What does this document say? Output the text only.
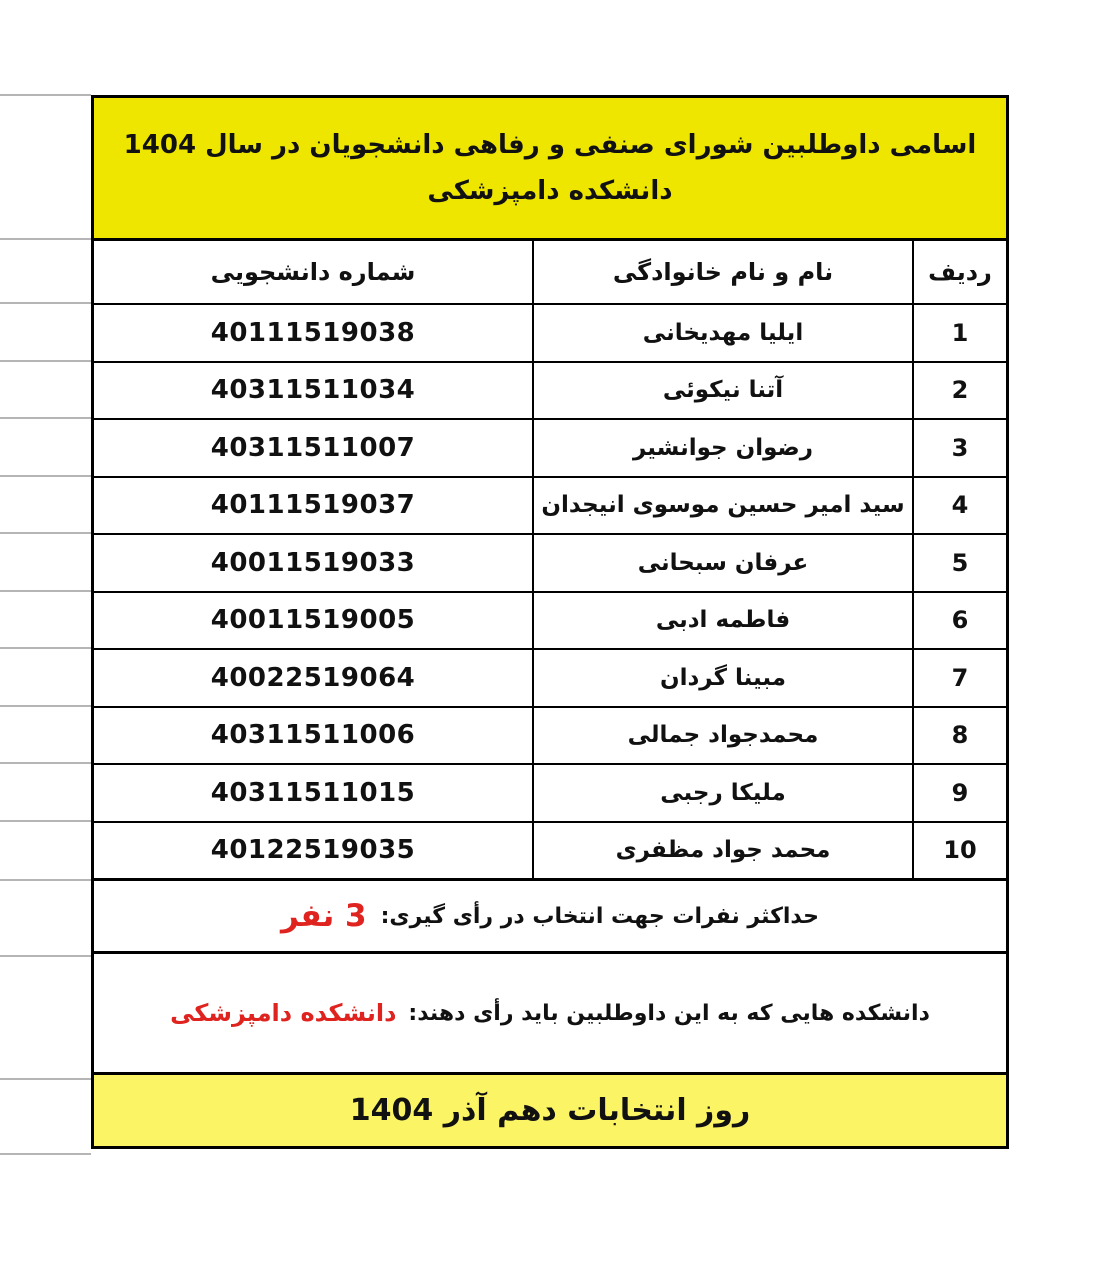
اسامی داوطلبین شورای صنفی و رفاهی دانشجویان در سال 1404
دانشکده دامپزشکی
ردیف
نام و نام خانوادگی
شماره دانشجویی
1
ایلیا مهدیخانی
40111519038
2
آتنا نیکوئی
40311511034
3
رضوان جوانشیر
40311511007
4
سید امیر حسین موسوی انیجدان
40111519037
5
عرفان سبحانی
40011519033
6
فاطمه ادبی
40011519005
7
مبینا گردان
40022519064
8
محمدجواد جمالی
40311511006
9
ملیکا رجبی
40311511015
10
محمد جواد مظفری
40122519035
حداکثر نفرات جهت انتخاب در رأی گیری:
3 نفر
دانشکده هایی که به این داوطلبین باید رأی دهند:
دانشکده دامپزشکی
روز انتخابات دهم آذر 1404
